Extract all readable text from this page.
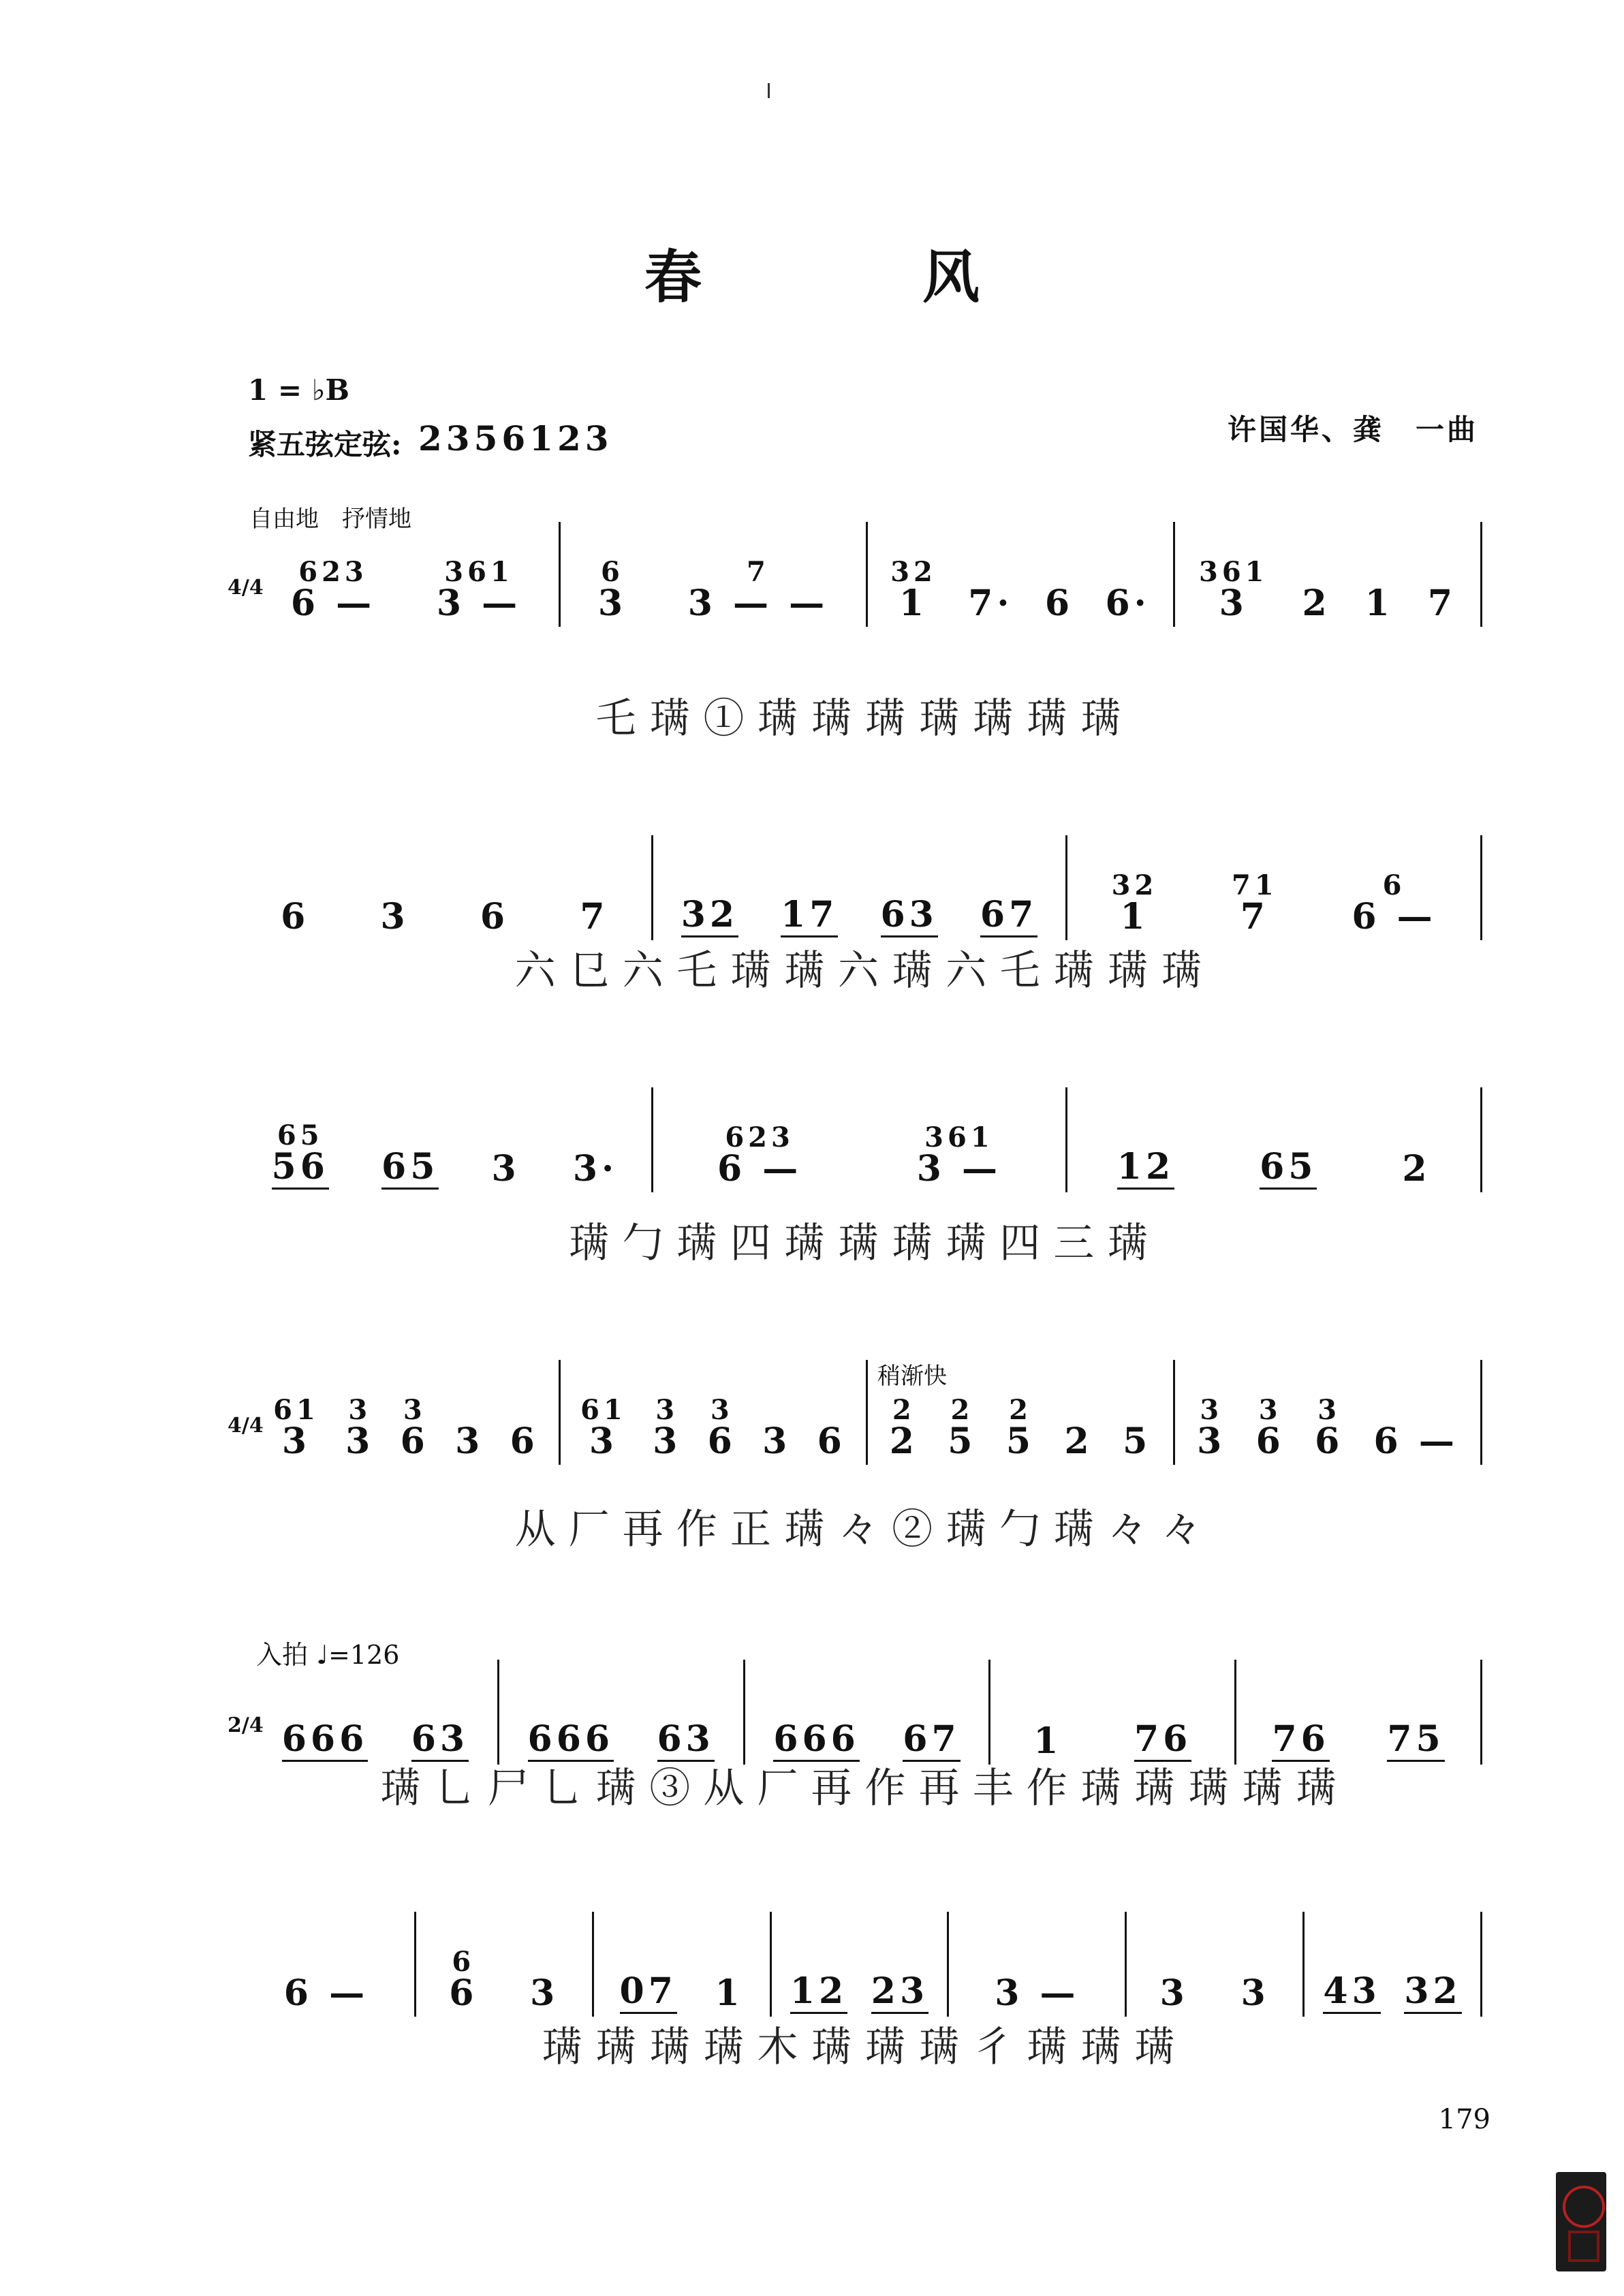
春　风
1 = ♭B
紧五弦定弦: 2356123	许国华、龚　一曲
自由地　抒情地
稍渐快
入拍 ♩=126
4/4 623
6 —
361
3 —
6
3
7
3 — —
32
1 7· 6 6·
361
3 2 1 7
乇 𫞩 ① 𫞩 𫞩 𫞩 𫞩 𫞩 𫞩 𫞩
6 3 6 7 32 17 63 67
32
1
71
7
6
6 —
六 㔾 六 乇 𫞩 𫞩 六 𫞩 六 乇 𫞩 𫞩 𫞩
65
56 65 3 3·
623
6 —
361
3 —	12 65 2
𫞩 勹 𫞩 四 𫞩 𫞩 𫞩 𫞩 四 三 𫞩
4/4 61
3
3
3
3
6 3 6
61
3
3
3
3
6 3 6
2
2
2
5
2
5 2 5
3
3
3
6
3
6 6 —
从 厂 再 作 正 𫞩 々 ② 𫞩 勹 𫞩 々 々
2/4 666 63 666 63 666 67 1 76 76 75
𫞩 乚 尸 乚 𫞩 ③ 从 厂 再 作 再 丰 作 𫞩 𫞩 𫞩 𫞩 𫞩
6 —
6
6 3 07 1 12 23 3 — 3 3 43 32
𫞩 𫞩 𫞩 𫞩 木 𫞩 𫞩 𫞩 彳 𫞩 𫞩 𫞩
179
